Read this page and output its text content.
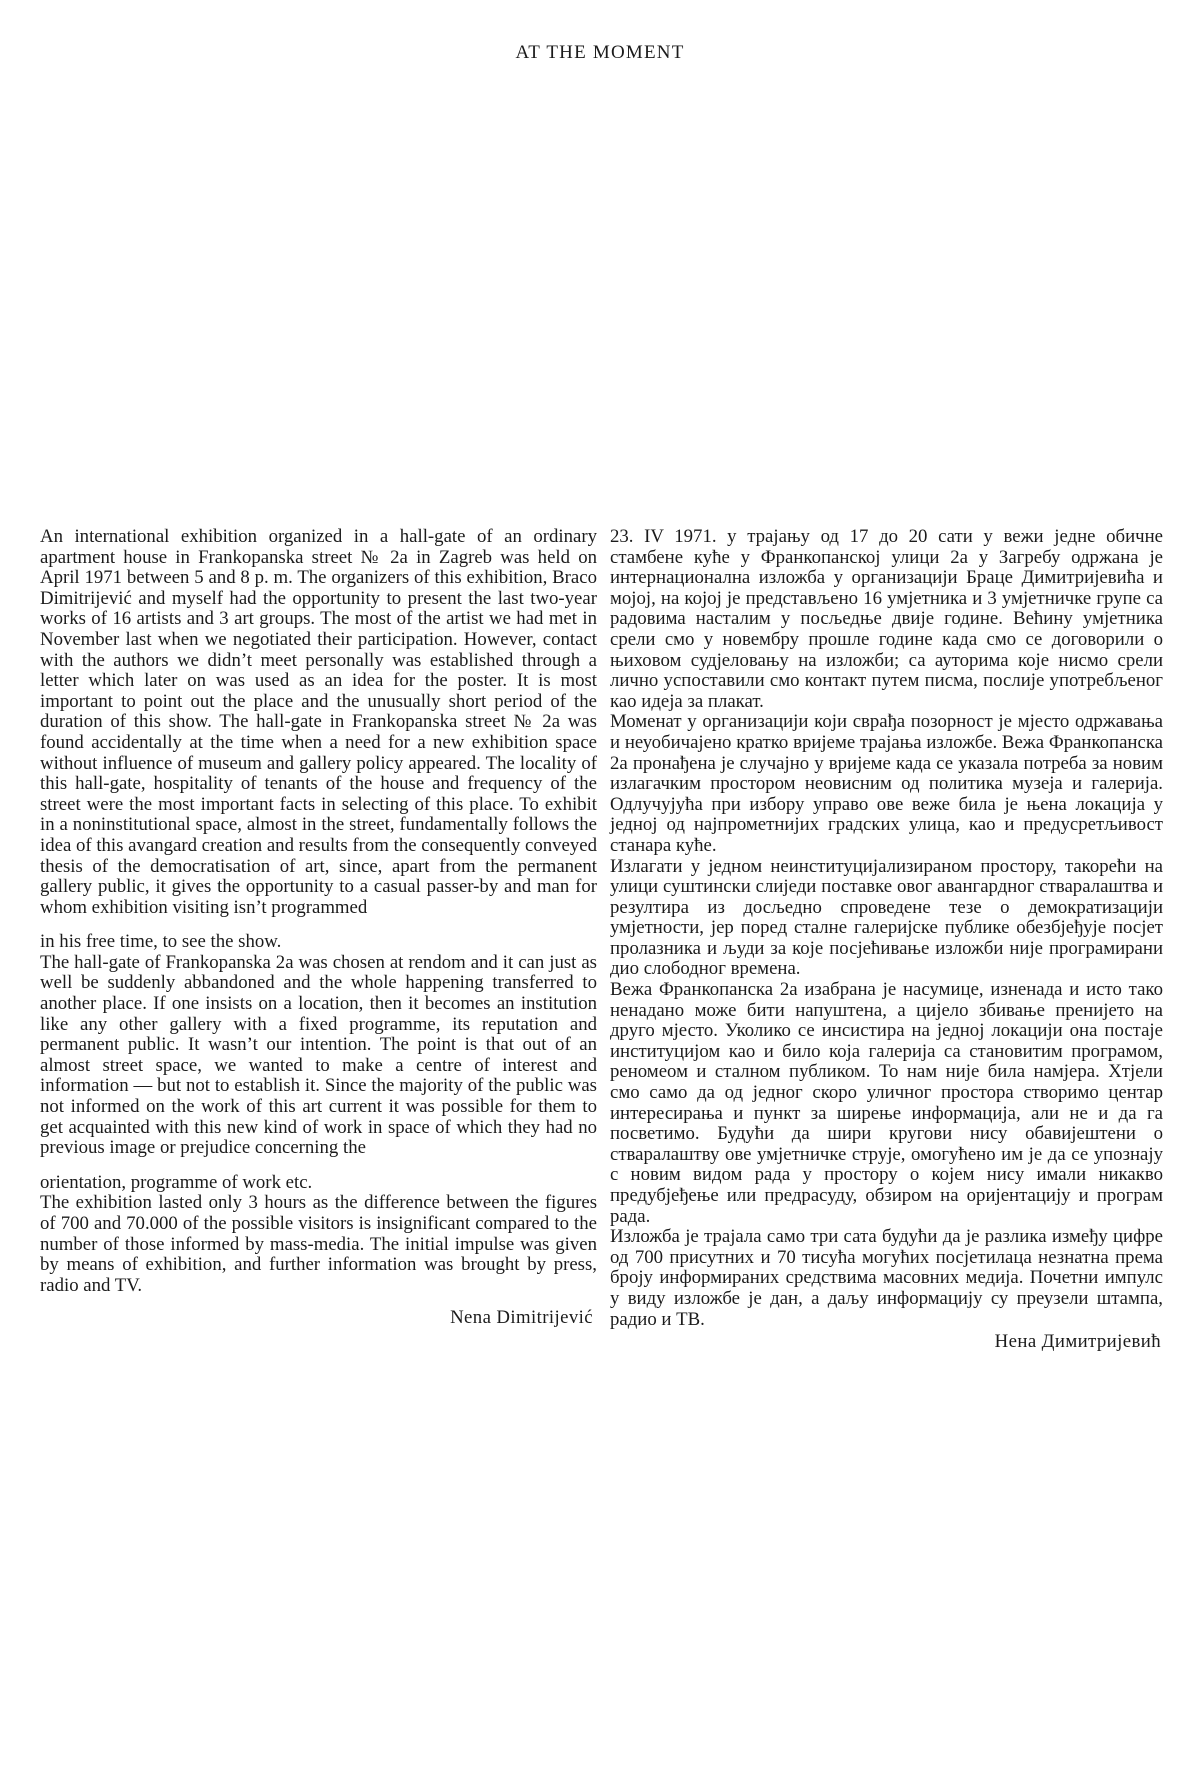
AT THE MOMENT

An international exhibition organized in a hall-gate of an ordinary apartment house in Frankopanska street № 2a in Zagreb was held on April 1971 between 5 and 8 p. m. The organizers of this exhibition, Braco Dimitrijević and myself had the opportunity to present the last two-year works of 16 artists and 3 art groups. The most of the artist we had met in November last when we negotiated their participation. However, contact with the authors we didn’t meet personally was established through a letter which later on was used as an idea for the poster. It is most important to point out the place and the unusually short period of the duration of this show. The hall-gate in Frankopanska street № 2a was found accidentally at the time when a need for a new exhibition space without influence of museum and gallery policy appeared. The locality of this hall-gate, hospitality of tenants of the house and frequency of the street were the most important facts in selecting of this place. To exhibit in a noninstitutional space, almost in the street, fundamentally follows the idea of this avangard creation and results from the consequently conveyed thesis of the democratisation of art, since, apart from the permanent gallery public, it gives the opportunity to a casual passer-by and man for whom exhibition visiting isn’t programmed

in his free time, to see the show.

The hall-gate of Frankopanska 2a was chosen at rendom and it can just as well be suddenly abbandoned and the whole happening transferred to another place. If one insists on a location, then it becomes an institution like any other gallery with a fixed programme, its reputation and permanent public. It wasn’t our intention. The point is that out of an almost street space, we wanted to make a centre of interest and information — but not to establish it. Since the majority of the public was not informed on the work of this art current it was possible for them to get acquainted with this new kind of work in space of which they had no previous image or prejudice concerning the

orientation, programme of work etc.

The exhibition lasted only 3 hours as the difference between the figures of 700 and 70.000 of the possible visitors is insignificant compared to the number of those informed by mass-media. The initial impulse was given by means of exhibition, and further information was brought by press, radio and TV.

Nena Dimitrijević

23. IV 1971. у трајању од 17 до 20 сати у вежи једне обичне стамбене куће у Франкопанској улици 2а у Загребу одржана је интернационална изложба у организацији Брацe Димитријевића и мојој, на којој је представљено 16 умјетника и 3 умјетничке групе са радовима насталим у посљедње двије године. Већину умјетника срели смо у новембру прошле године када смо се договорили о њиховом судјеловању на изложби; са ауторима које нисмо срели лично успоставили смо контакт путем писма, послије употребљеног као идеја за плакат.

Моменат у организацији који сврађа пoзорност је мјесто одржавања и неуобичајено кратко вријеме трајања изложбе. Вежа Франкопанска 2а пронађена је случајно у вријеме када се указала потреба за новим излагачким простором неовисним од политика музеја и галерија. Одлучујућа при избору управо ове веже била је њена локација у једној од најпрометнијих градских улица, као и предусретљивост станара куће.

Излагати у једном неинституцијализираном простору, такорећи на улици суштински слиједи поставке овог авангардног стваралаштва и резултира из досљедно спроведене тезе о демократизацији умјетности, јер поред сталне галеријске публике обезбјеђује посјет пролазника и људи за које посјећивање изложби није програмирани дио слободног времена.

Вежа Франкопанска 2а изабрана је насумице, изненада и исто тако ненадано може бити напуштена, а цијело збивање пренијето на друго мјесто. Уколико се инсистира на једној локацији она постаје институцијом као и било која галерија са становитим програмом, реномеом и сталном публиком. То нам није била намјера. Хтјели смо само да од једног скоро уличног простора створимо центар интересирања и пункт за ширење информација, али не и да га посветимо. Будући да шири кругови нису обавијештени о стваралаштву ове умјетничке струје, омогућено им је да се упознају с новим видом рада у простору о којем нису имали никакво предубјеђење или предрасуду, обзиром на оријентацију и програм рада.

Изложба је трајала само три сата будући да је разлика између цифре од 700 присутних и 70 тисућа могућих посјетилаца незнатна према броју информираних средствима масовних медија. Почетни импулс у виду изложбе је дан, а даљу информацију су преузели штампа, радио и ТВ.

Нена Димитријевић
